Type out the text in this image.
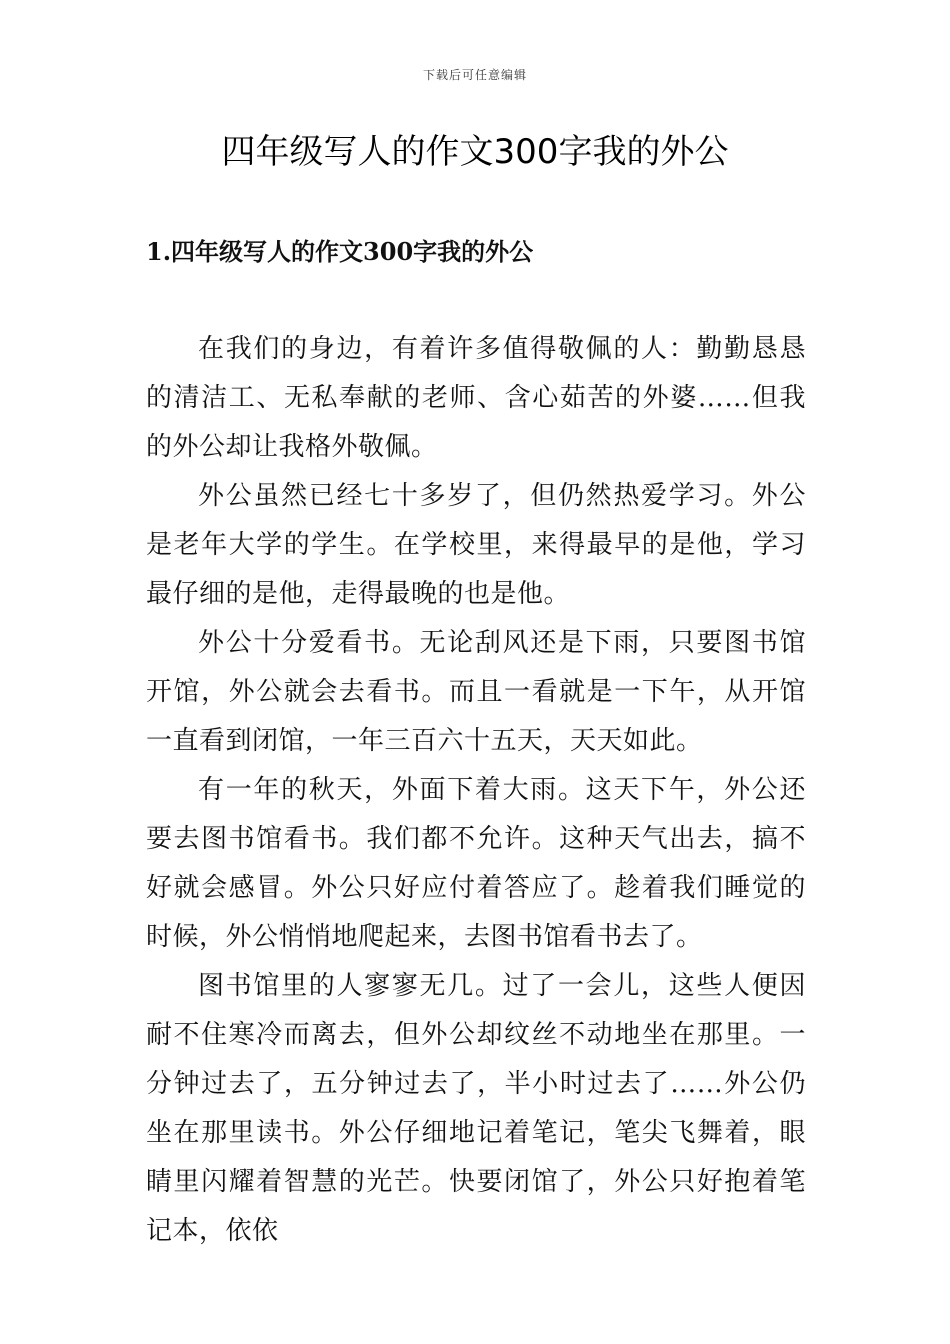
下载后可任意编辑
四年级写人的作文300字我的外公
1.四年级写人的作文300字我的外公

在我们的身边，有着许多值得敬佩的人：勤勤恳恳的清洁工、无私奉献的老师、含心茹苦的外婆……但我的外公却让我格外敬佩。

外公虽然已经七十多岁了，但仍然热爱学习。外公是老年大学的学生。在学校里，来得最早的是他，学习最仔细的是他，走得最晚的也是他。

外公十分爱看书。无论刮风还是下雨，只要图书馆开馆，外公就会去看书。而且一看就是一下午，从开馆一直看到闭馆，一年三百六十五天，天天如此。

有一年的秋天，外面下着大雨。这天下午，外公还要去图书馆看书。我们都不允许。这种天气出去，搞不好就会感冒。外公只好应付着答应了。趁着我们睡觉的时候，外公悄悄地爬起来，去图书馆看书去了。

图书馆里的人寥寥无几。过了一会儿，这些人便因耐不住寒冷而离去，但外公却纹丝不动地坐在那里。一分钟过去了，五分钟过去了，半小时过去了……外公仍坐在那里读书。外公仔细地记着笔记，笔尖飞舞着，眼睛里闪耀着智慧的光芒。快要闭馆了，外公只好抱着笔记本，依依
